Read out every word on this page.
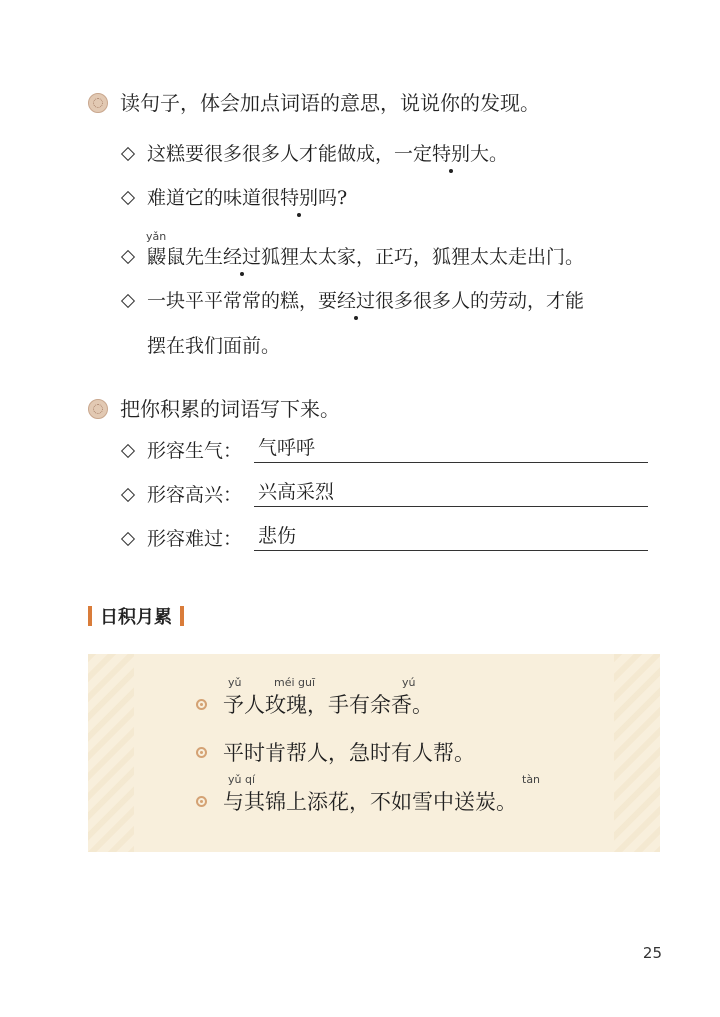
读句子，体会加点词语的意思，说说你的发现。
这糕要很多很多人才能做成，一定特别大。
难道它的味道很特别吗?
yǎn
鼹鼠先生经过狐狸太太家，正巧，狐狸太太走出门。
一块平平常常的糕，要经过很多很多人的劳动，才能
摆在我们面前。
把你积累的词语写下来。
形容生气： 气呼呼
形容高兴： 兴高采烈
形容难过： 悲伤
日积月累
yǔ	méi guī	yú
予人玫瑰，手有余香。
平时肯帮人，急时有人帮。
yǔ qí	tàn
与其锦上添花，不如雪中送炭。
25
